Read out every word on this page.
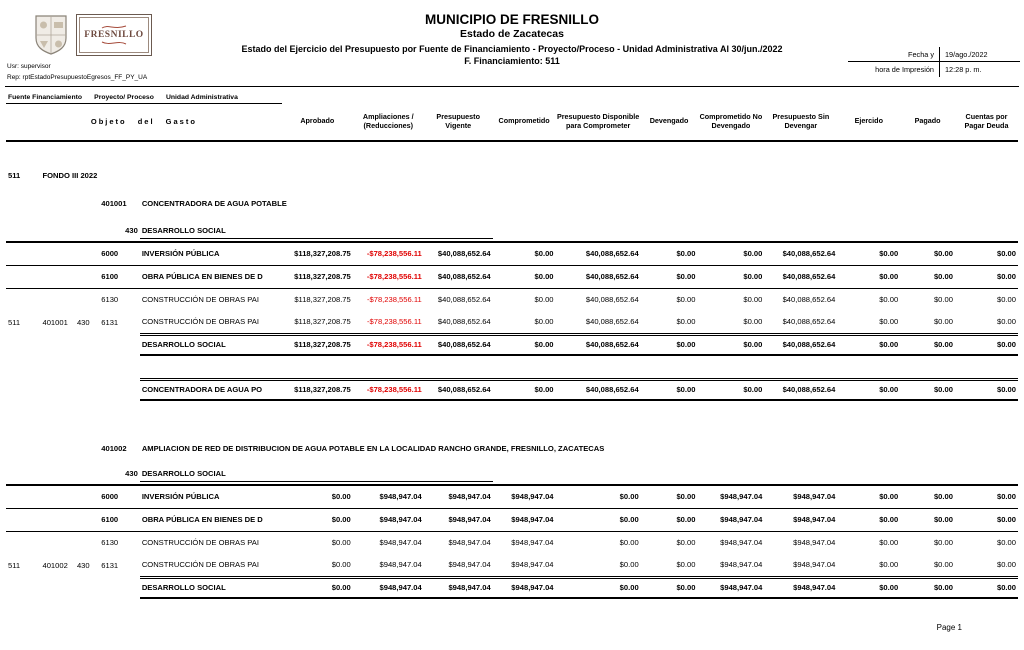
FRESNILLO
MUNICIPIO DE FRESNILLO
Estado de Zacatecas
Estado del Ejercicio del Presupuesto por Fuente de Financiamiento - Proyecto/Proceso - Unidad Administrativa Al 30/jun./2022
F. Financiamiento: 511
Fecha y	19/ago./2022
hora de Impresión	12:28 p. m.
Usr: supervisor
Rep: rptEstadoPresupuestoEgresos_FF_PY_UA
Fuente Financiamiento Proyecto/ Proceso Unidad Administrativa															
Objeto del Gasto					Aprobado	Ampliaciones / (Reducciones)	Presupuesto Vigente	Comprometido	Presupuesto Disponible para Comprometer	Devengado	Comprometido No Devengado	Presupuesto Sin Devengar	Ejercido	Pagado	Cuentas por Pagar Deuda

511	FONDO III 2022														

			401001	CONCENTRADORA DE AGUA POTABLE											

			430	DESARROLLO SOCIAL											

			6000	INVERSIÓN PÚBLICA	$118,327,208.75	-$78,238,556.11	$40,088,652.64	$0.00	$40,088,652.64	$0.00	$0.00	$40,088,652.64	$0.00	$0.00	$0.00
			6100	OBRA PÚBLICA EN BIENES DE D	$118,327,208.75	-$78,238,556.11	$40,088,652.64	$0.00	$40,088,652.64	$0.00	$0.00	$40,088,652.64	$0.00	$0.00	$0.00
			6130	CONSTRUCCIÓN DE OBRAS PAI	$118,327,208.75	-$78,238,556.11	$40,088,652.64	$0.00	$40,088,652.64	$0.00	$0.00	$40,088,652.64	$0.00	$0.00	$0.00
511	401001	430	6131	CONSTRUCCIÓN DE OBRAS PAI	$118,327,208.75	-$78,238,556.11	$40,088,652.64	$0.00	$40,088,652.64	$0.00	$0.00	$40,088,652.64	$0.00	$0.00	$0.00
				DESARROLLO SOCIAL	$118,327,208.75	-$78,238,556.11	$40,088,652.64	$0.00	$40,088,652.64	$0.00	$0.00	$40,088,652.64	$0.00	$0.00	$0.00

				CONCENTRADORA DE AGUA PO	$118,327,208.75	-$78,238,556.11	$40,088,652.64	$0.00	$40,088,652.64	$0.00	$0.00	$40,088,652.64	$0.00	$0.00	$0.00

			401002	AMPLIACION DE RED DE DISTRIBUCION DE AGUA POTABLE EN LA LOCALIDAD RANCHO GRANDE, FRESNILLO, ZACATECAS											

			430	DESARROLLO SOCIAL											

			6000	INVERSIÓN PÚBLICA	$0.00	$948,947.04	$948,947.04	$948,947.04	$0.00	$0.00	$948,947.04	$948,947.04	$0.00	$0.00	$0.00
			6100	OBRA PÚBLICA EN BIENES DE D	$0.00	$948,947.04	$948,947.04	$948,947.04	$0.00	$0.00	$948,947.04	$948,947.04	$0.00	$0.00	$0.00
			6130	CONSTRUCCIÓN DE OBRAS PAI	$0.00	$948,947.04	$948,947.04	$948,947.04	$0.00	$0.00	$948,947.04	$948,947.04	$0.00	$0.00	$0.00
511	401002	430	6131	CONSTRUCCIÓN DE OBRAS PAI	$0.00	$948,947.04	$948,947.04	$948,947.04	$0.00	$0.00	$948,947.04	$948,947.04	$0.00	$0.00	$0.00
				DESARROLLO SOCIAL	$0.00	$948,947.04	$948,947.04	$948,947.04	$0.00	$0.00	$948,947.04	$948,947.04	$0.00	$0.00	$0.00
Page 1
